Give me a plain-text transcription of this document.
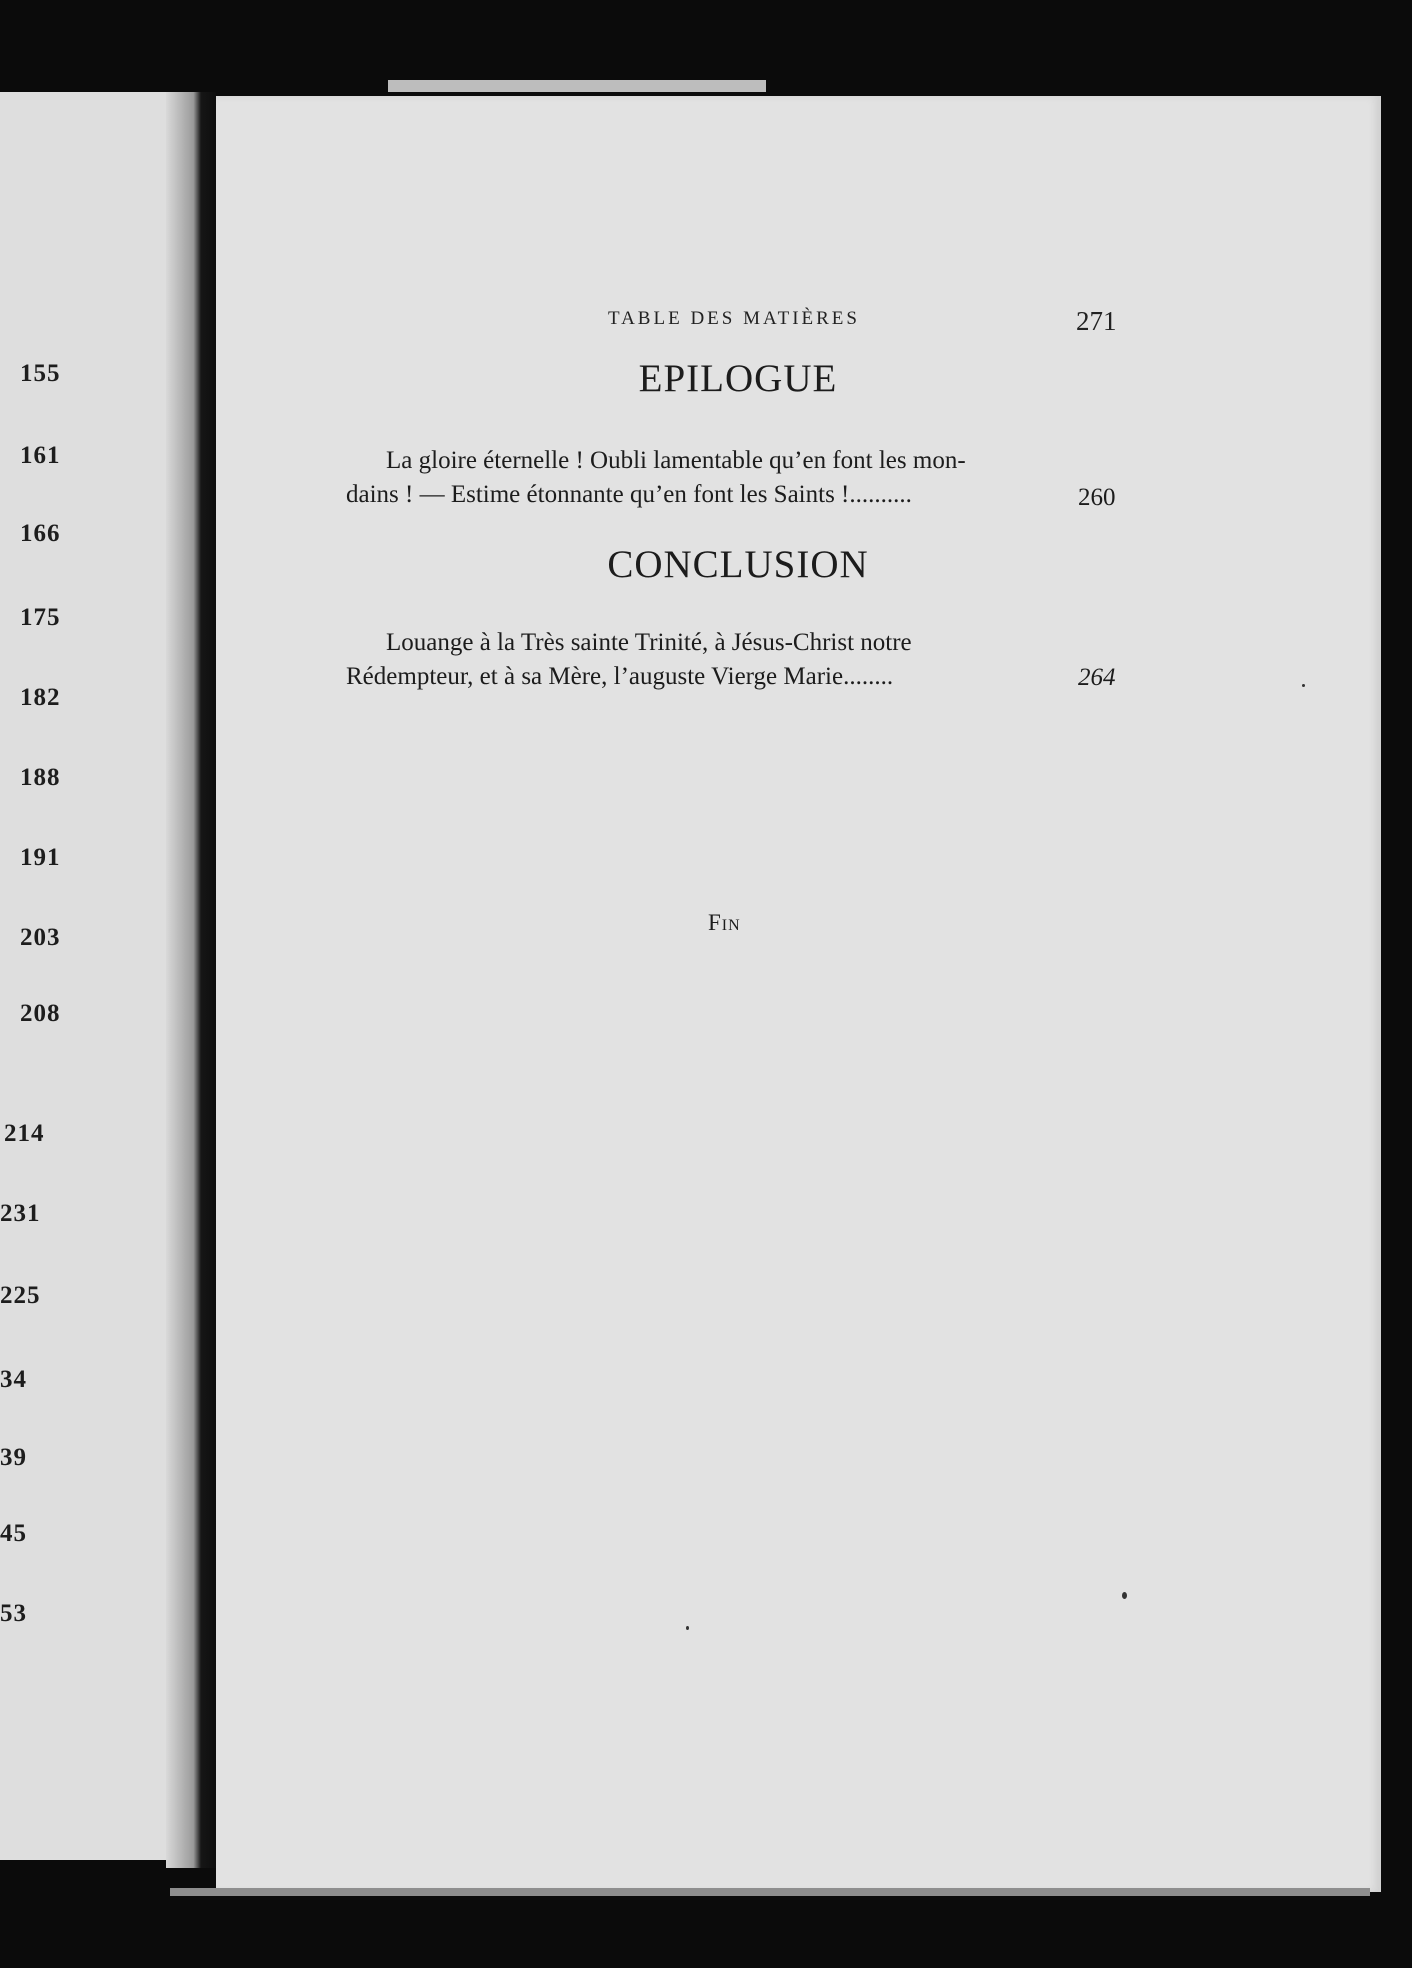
155
161
166
175
182
188
191
203
208
214
231
225
34
39
45
53
TABLE DES MATIÈRES	271
EPILOGUE
La gloire éternelle ! Oubli lamentable qu’en font les mon-
dains ! — Estime étonnante qu’en font les Saints !..........	260
CONCLUSION
Louange à la Très sainte Trinité, à Jésus-Christ notre
Rédempteur, et à sa Mère, l’auguste Vierge Marie........	264
Fin
